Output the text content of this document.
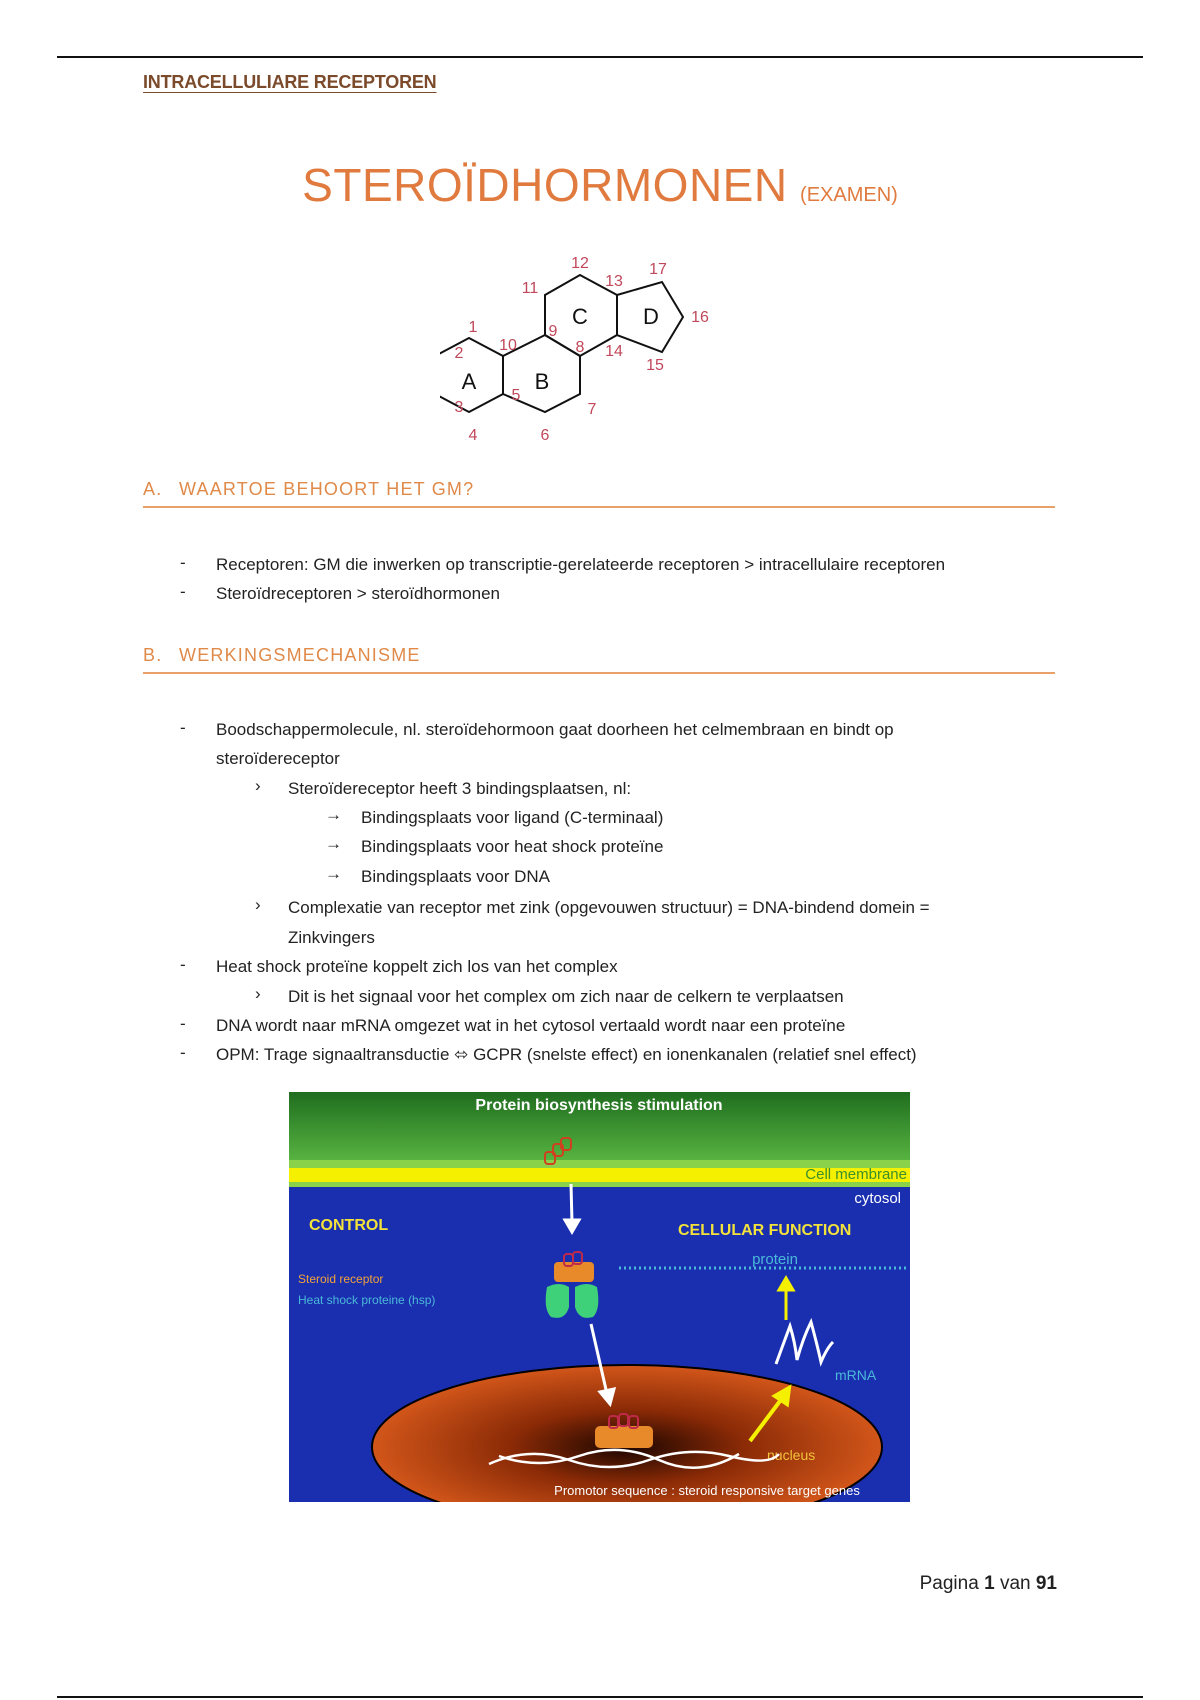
INTRACELLULIARE RECEPTOREN
STEROÏDHORMONEN (EXAMEN)
A	B
C	D
1
2
3
4
5
6
7
8
9
10
11
12
13
14
15
16
17
A. WAARTOE BEHOORT HET GM?
- Receptoren: GM die inwerken op transcriptie-gerelateerde receptoren > intracellulaire receptoren
- Steroïdreceptoren > steroïdhormonen
B. WERKINGSMECHANISME
- Boodschappermolecule, nl. steroïdehormoon gaat doorheen het celmembraan en bindt op
steroïdereceptor
› Steroïdereceptor heeft 3 bindingsplaatsen, nl:
→ Bindingsplaats voor ligand (C-terminaal)
→ Bindingsplaats voor heat shock proteïne
→ Bindingsplaats voor DNA
› Complexatie van receptor met zink (opgevouwen structuur) = DNA-bindend domein =
Zinkvingers
- Heat shock proteïne koppelt zich los van het complex
› Dit is het signaal voor het complex om zich naar de celkern te verplaatsen
- DNA wordt naar mRNA omgezet wat in het cytosol vertaald wordt naar een proteïne
- OPM: Trage signaaltransductie ⬄ GCPR (snelste effect) en ionenkanalen (relatief snel effect)
Protein biosynthesis stimulation
Cell membrane
cytosol
CONTROL	CELLULAR FUNCTION
Steroid receptor
Heat shock proteine (hsp)
protein
mRNA
nucleus
Promotor sequence : steroid responsive target genes
Pagina 1 van 91
